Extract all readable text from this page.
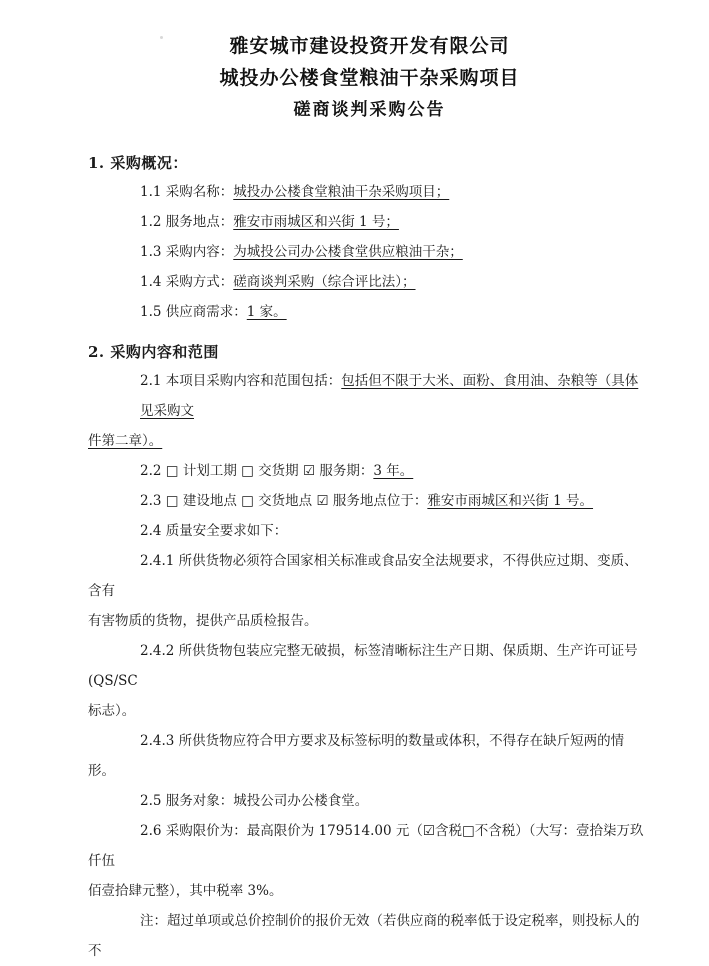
雅安城市建设投资开发有限公司
城投办公楼食堂粮油干杂采购项目
磋商谈判采购公告
1. 采购概况：

1.1 采购名称：城投办公楼食堂粮油干杂采购项目；

1.2 服务地点：雅安市雨城区和兴街 1 号；

1.3 采购内容：为城投公司办公楼食堂供应粮油干杂；

1.4 采购方式：磋商谈判采购（综合评比法）；

1.5 供应商需求：1 家。

2. 采购内容和范围

2.1 本项目采购内容和范围包括：包括但不限于大米、面粉、食用油、杂粮等（具体见采购文

件第二章）。

2.2 □ 计划工期 □ 交货期 ☑ 服务期：3 年。

2.3 □ 建设地点 □ 交货地点 ☑ 服务地点位于：雅安市雨城区和兴街 1 号。

2.4 质量安全要求如下：

2.4.1 所供货物必须符合国家相关标准或食品安全法规要求，不得供应过期、变质、含有

有害物质的货物，提供产品质检报告。

2.4.2 所供货物包装应完整无破损，标签清晰标注生产日期、保质期、生产许可证号(QS/SC

标志）。

2.4.3 所供货物应符合甲方要求及标签标明的数量或体积，不得存在缺斤短两的情形。

2.5 服务对象：城投公司办公楼食堂。

2.6 采购限价为：最高限价为 179514.00 元（☑含税□不含税）（大写：壹拾柒万玖仟伍

佰壹拾肆元整），其中税率 3%。

注：超过单项或总价控制价的报价无效（若供应商的税率低于设定税率，则投标人的不
